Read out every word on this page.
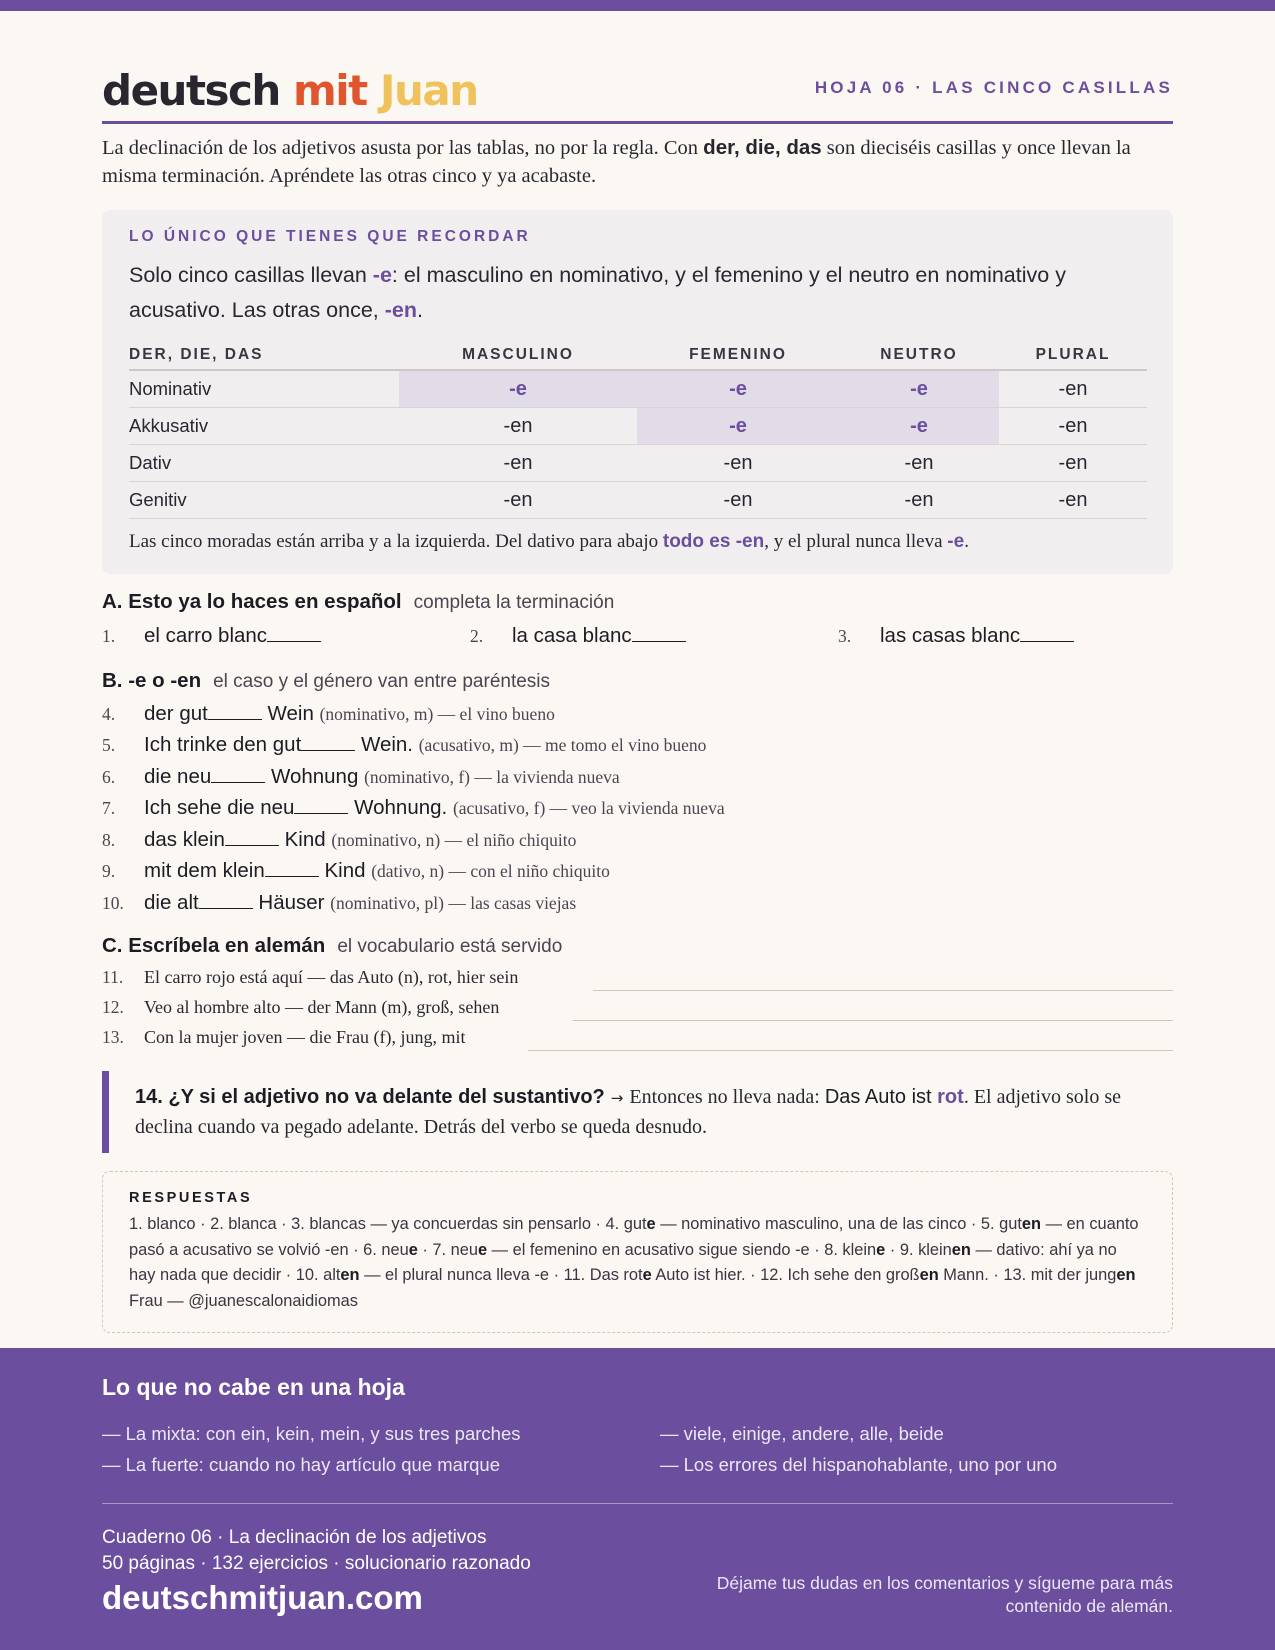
deutsch mit Juan	HOJA 06 · LAS CINCO CASILLAS

La declinación de los adjetivos asusta por las tablas, no por la regla. Con der, die, das son dieciséis casillas y once llevan la misma terminación. Apréndete las otras cinco y ya acabaste.

LO ÚNICO QUE TIENES QUE RECORDAR
Solo cinco casillas llevan -e: el masculino en nominativo, y el femenino y el neutro en nominativo y acusativo. Las otras once, -en.
DER, DIE, DAS	MASCULINO	FEMENINO	NEUTRO	PLURAL
Nominativ	-e	-e	-e	-en
Akkusativ	-en	-e	-e	-en
Dativ	-en	-en	-en	-en
Genitiv	-en	-en	-en	-en
Las cinco moradas están arriba y a la izquierda. Del dativo para abajo todo es -en, y el plural nunca lleva -e.
A. Esto ya lo haces en español completa la terminación
1. el carro blanc	2. la casa blanc	3. las casas blanc
B. -e o -en el caso y el género van entre paréntesis
4. der gut	Wein (nominativo, m) — el vino bueno
5. Ich trinke den gut	Wein. (acusativo, m) — me tomo el vino bueno
6. die neu	Wohnung (nominativo, f) — la vivienda nueva
7. Ich sehe die neu	Wohnung. (acusativo, f) — veo la vivienda nueva
8. das klein	Kind (nominativo, n) — el niño chiquito
9. mit dem klein	Kind (dativo, n) — con el niño chiquito
10. die alt	Häuser (nominativo, pl) — las casas viejas
C. Escríbela en alemán el vocabulario está servido
11. El carro rojo está aquí — das Auto (n), rot, hier sein
12. Veo al hombre alto — der Mann (m), groß, sehen
13. Con la mujer joven — die Frau (f), jung, mit
14. ¿Y si el adjetivo no va delante del sustantivo? → Entonces no lleva nada: Das Auto ist rot. El adjetivo solo se declina cuando va pegado adelante. Detrás del verbo se queda desnudo.
RESPUESTAS
1. blanco · 2. blanca · 3. blancas — ya concuerdas sin pensarlo · 4. gute — nominativo masculino, una de las cinco · 5. guten — en cuanto pasó a acusativo se volvió -en · 6. neue · 7. neue — el femenino en acusativo sigue siendo -e · 8. kleine · 9. kleinen — dativo: ahí ya no hay nada que decidir · 10. alten — el plural nunca lleva -e · 11. Das rote Auto ist hier. · 12. Ich sehe den großen Mann. · 13. mit der jungen Frau — @juanescalonaidiomas
Lo que no cabe en una hoja
— La mixta: con ein, kein, mein, y sus tres parches	— viele, einige, andere, alle, beide
— La fuerte: cuando no hay artículo que marque	— Los errores del hispanohablante, uno por uno
Cuaderno 06 · La declinación de los adjetivos
50 páginas · 132 ejercicios · solucionario razonado
deutschmitjuan.com	Déjame tus dudas en los comentarios y sígueme para más contenido de alemán.
